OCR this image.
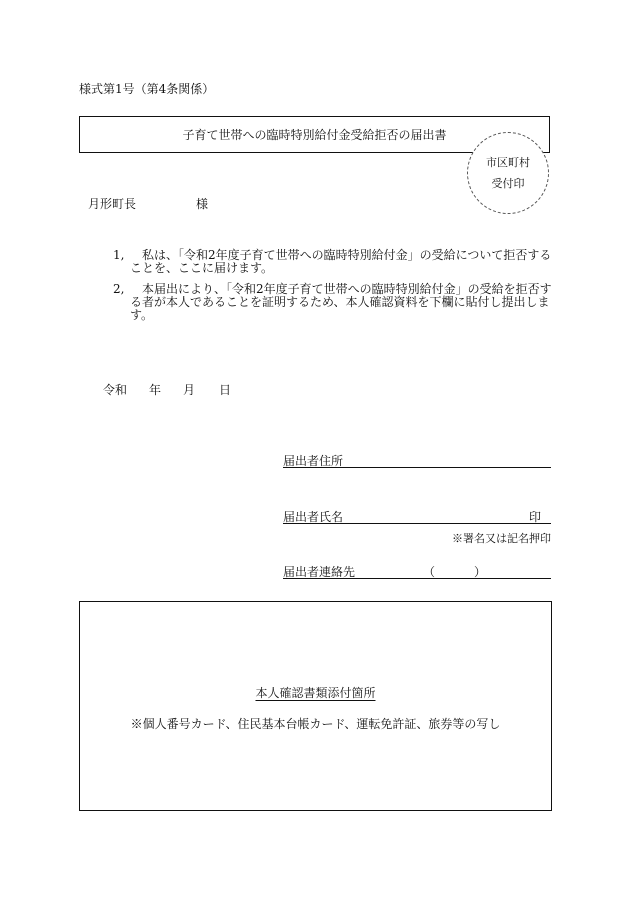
様式第1号（第4条関係）
子育て世帯への臨時特別給付金受給拒否の届出書
市区町村
受付印
月形町長	様
1,	私は、「令和2年度子育て世帯への臨時特別給付金」の受給について拒否することを、ここに届けます。
2,	本届出により、「令和2年度子育て世帯への臨時特別給付金」の受給を拒否する者が本人であることを証明するため、本人確認資料を下欄に貼付し提出します。
令和 年 月 日
届出者住所
届出者氏名	印
※署名又は記名押印
届出者連絡先	（	）
本人確認書類添付箇所
※個人番号カード、住民基本台帳カード、運転免許証、旅券等の写し
